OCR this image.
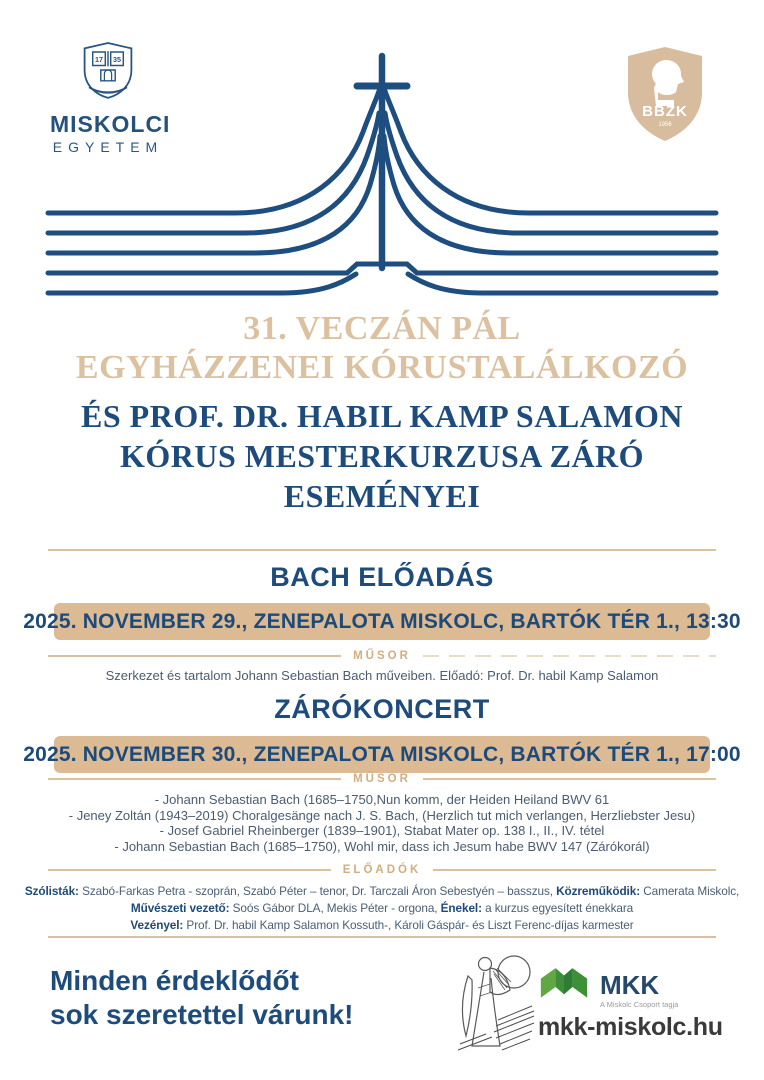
17 35
MISKOLCI
EGYETEM
BBZK
1956
31. VECZÁN PÁL
EGYHÁZZENEI KÓRUSTALÁLKOZÓ
ÉS PROF. DR. HABIL KAMP SALAMON
KÓRUS MESTERKURZUSA ZÁRÓ
ESEMÉNYEI
BACH ELŐADÁS
2025. NOVEMBER 29., ZENEPALOTA MISKOLC, BARTÓK TÉR 1., 13:30
MŰSOR
Szerkezet és tartalom Johann Sebastian Bach műveiben. Előadó: Prof. Dr. habil Kamp Salamon
ZÁRÓKONCERT
2025. NOVEMBER 30., ZENEPALOTA MISKOLC, BARTÓK TÉR 1., 17:00
MŰSOR
- Johann Sebastian Bach (1685–1750,Nun komm, der Heiden Heiland BWV 61
- Jeney Zoltán (1943–2019) Choralgesänge nach J. S. Bach, (Herzlich tut mich verlangen, Herzliebster Jesu)
- Josef Gabriel Rheinberger (1839–1901), Stabat Mater op. 138 I., II., IV. tétel
- Johann Sebastian Bach (1685–1750), Wohl mir, dass ich Jesum habe BWV 147 (Zárókorál)
ELŐADÓK
Szólisták: Szabó-Farkas Petra - szoprán, Szabó Péter – tenor, Dr. Tarczali Áron Sebestyén – basszus, Közreműködik: Camerata Miskolc,
Művészeti vezető: Soós Gábor DLA, Mekis Péter - orgona, Énekel: a kurzus egyesített énekkara
Vezényel: Prof. Dr. habil Kamp Salamon Kossuth-, Károli Gáspár- és Liszt Ferenc-díjas karmester
Minden érdeklődőt
sok szeretettel várunk!
MKK
A Miskolc Csoport tagja
mkk-miskolc.hu
